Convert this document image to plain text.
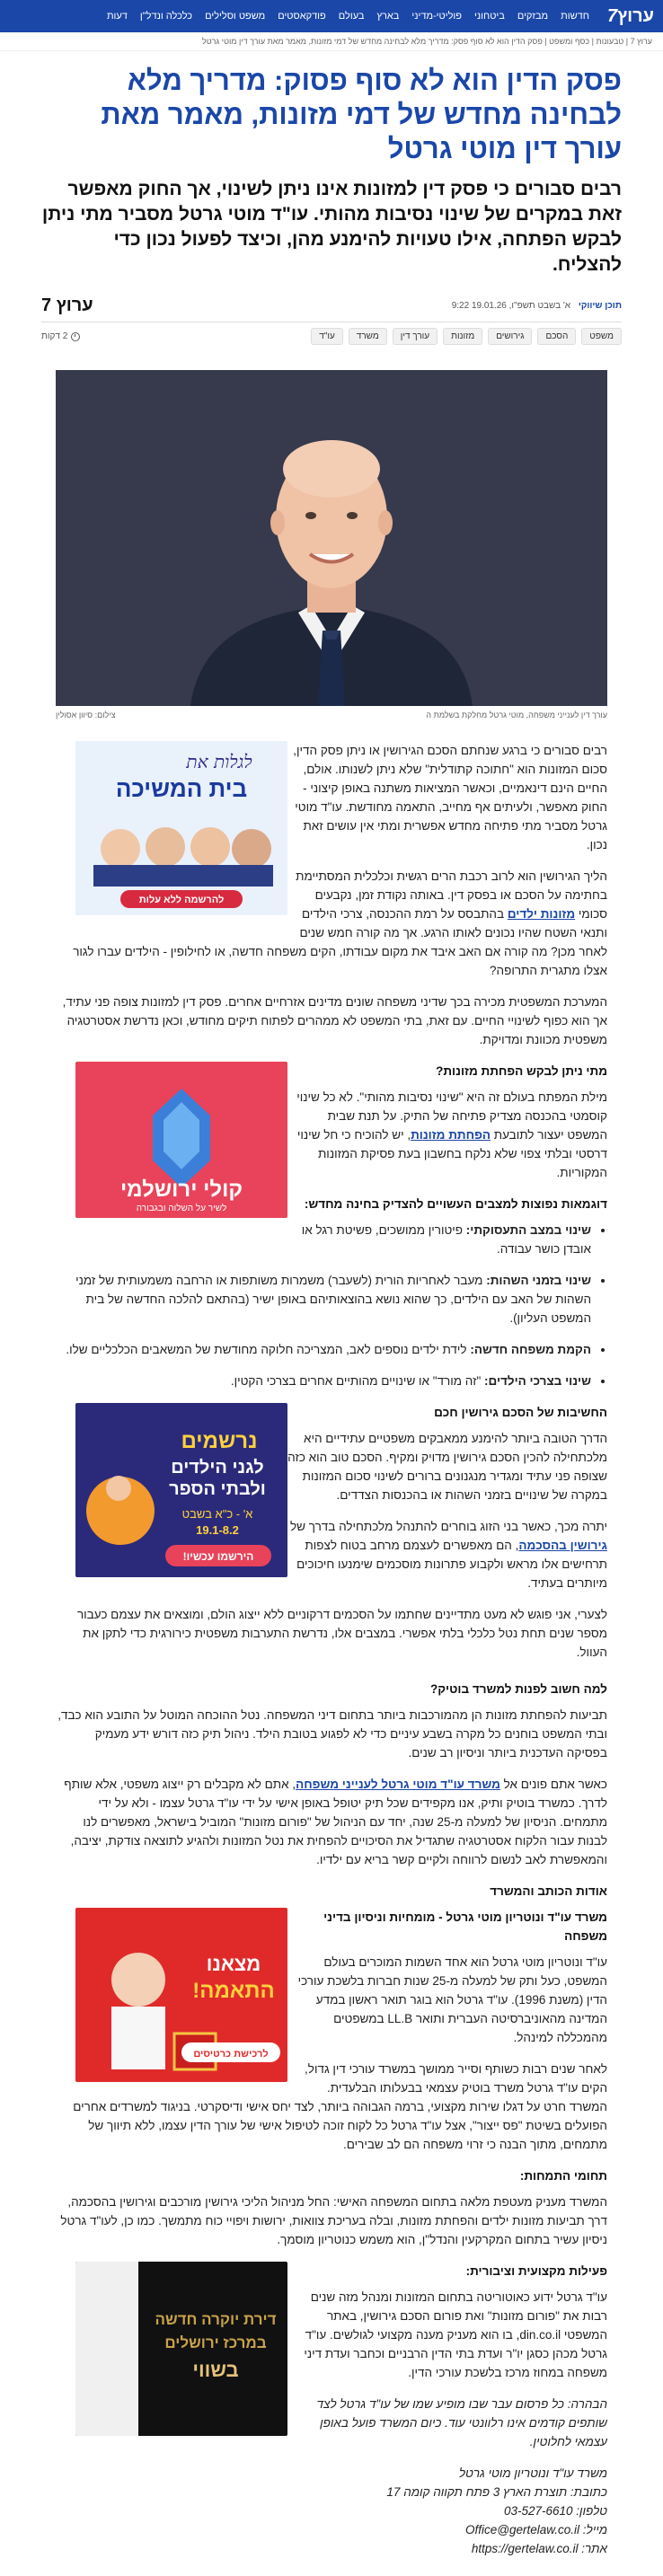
ערוץ7
חדשות
מבזקים
ביטחוני
פוליטי-מדיני
בארץ
בעולם
פודקאסטים
משפט וסלילים
כלכלה ונדל"ן
דעות
ערוץ 7 | טבעונות | כסף ומשפט | פסק הדין הוא לא סוף פסק: מדריך מלא לבחינה מחדש של דמי מזונות, מאמר מאת עורך דין מוטי גרטל
פסק הדין הוא לא סוף פסוק: מדריך מלא לבחינה מחדש של דמי מזונות, מאמר מאת עורך דין מוטי גרטל

רבים סבורים כי פסק דין למזונות אינו ניתן לשינוי, אך החוק מאפשר זאת במקרים של שינוי נסיבות מהותי. עו"ד מוטי גרטל מסביר מתי ניתן לבקש הפתחה, אילו טעויות להימנע מהן, וכיצד לפעול נכון כדי להצליח.

תוכן שיווקי א' בשבט תשפ"ו, 19.01.26 9:22
ערוץ 7
משפט
הסכם
גירושים
מזונות
עורך דין
משרד
עו"ד
2 דקות
עורך דין לענייני משפחה, מוטי גרטל מחלקת בשלמת ה
צילום: סיוון אסולין
לגלות את
בית המשיכה
להרשמה ללא עלות

רבים סבורים כי ברגע שנחתם הסכם הגירושין או ניתן פסק הדין, סכום המזונות הוא "חתוכה קתודלית" שלא ניתן לשנותו. אולם, החיים הינם דינאמיים, וכאשר המציאות משתנה באופן קיצוני - החוק מאפשר, ולעיתים אף מחייב, התאמה מחודשת. עו"ד מוטי גרטל מסביר מתי פתיחה מחדש אפשרית ומתי אין עושים זאת נכון.

הליך הגירושין הוא לרוב רכבת הרים רגשית וכלכלית המסתיימת בחתימה על הסכם או בפסק דין. באותה נקודת זמן, נקבעים סכומי מזונות ילדים בהתבסס על רמת ההכנסה, צרכי הילדים ותנאי השטח שהיו נכונים לאותו הרגע. אך מה קורה חמש שנים לאחר מכן? מה קורה אם האב איבד את מקום עבודתו, הקים משפחה חדשה, או לחילופין - הילדים עברו לגור אצלו מתגרית התרופה?

המערכת המשפטית מכירה בכך שדיני משפחה שונים מדינים אזרחיים אחרים. פסק דין למזונות צופה פני עתיד, אך הוא כפוף לשינויי החיים. עם זאת, בתי המשפט לא ממהרים לפתוח תיקים מחודש, וכאן נדרשת אסטרטגיה משפטית מכוונת ומדויקת.

קולי ירושלמי
לשיר על השלוה ובגבורה
מתי ניתן לבקש הפחתת מזונות?

מילת המפתח בעולם זה היא "שינוי נסיבות מהותי". לא כל שינוי קוסמטי בהכנסה מצדיק פתיחה של התיק. על תנת שבית המשפט יעצור לתובעת הפחתת מזונות, יש להוכיח כי חל שינוי דרסטי ובלתי צפוי שלא נלקח בחשבון בעת פסיקת המזונות המקוריות.

דוגמאות נפוצות למצבים העשויים להצדיק בחינה מחדש:
• שינוי במצב התעסוקתי: פיטורין ממושכים, פשיטת רגל או אובדן כושר עבודה.
• שינוי בזמני השהות: מעבר לאחריות הורית (לשעבר) משמרות משותפות או הרחבה משמעותית של זמני השהות של האב עם הילדים, כך שהוא נושא בהוצאותיהם באופן ישיר (בהתאם להלכה החדשה של בית המשפט העליון).
• הקמת משפחה חדשה: לידת ילדים נוספים לאב, המצריכה חלוקה מחודשת של המשאבים הכלכליים שלו.
• שינוי בצרכי הילדים: "זה מורד" או שינויים מהותיים אחרים בצרכי הקטין.
נרשמים
לגני הילדים
ולבתי הספר
א' - כ"א בשבט
19.1-8.2
הירשמו עכשיו!
החשיבות של הסכם גירושין חכם

הדרך הטובה ביותר להימנע ממאבקים משפטיים עתידיים היא מלכתחילה להכין הסכם גירושין מדויק ומקיף. הסכם טוב הוא כזה שצופה פני עתיד ומגדיר מנגנונים ברורים לשינוי סכום המזונות במקרה של שינויים בזמני השהות או בהכנסות הצדדים.

יתרה מכך, כאשר בני הזוג בוחרים להתנהל מלכתחילה בדרך של גירושין בהסכמה, הם מאפשרים לעצמם מרחב בטוח לצפות תרחישים אלו מראש ולקבוע פתרונות מוסכמים שימנעו חיכוכים מיותרים בעתיד.

לצערי, אני פוגש לא מעט מתדיינים שחתמו על הסכמים דרקוניים ללא ייצוג הולם, ומוצאים את עצמם כעבור מספר שנים תחת נטל כלכלי בלתי אפשרי. במצבים אלו, נדרשת התערבות משפטית כירורגית כדי לתקן את העוול.

למה חשוב לפנות למשרד בוטיק?

תביעות להפחתת מזונות הן מהמורכבות ביותר בתחום דיני המשפחה. נטל ההוכחה המוטל על התובע הוא כבד, ובתי המשפט בוחנים כל מקרה בשבע עיניים כדי לא לפגוע בטובת הילד. ניהול תיק כזה דורש ידע מעמיק בפסיקה העדכנית ביותר וניסיון רב שנים.

כאשר אתם פונים אל משרד עו"ד מוטי גרטל לענייני משפחה, אתם לא מקבלים רק ייצוג משפטי, אלא שותף לדרך. כמשרד בוטיק ותיק, אנו מקפידים שכל תיק יטופל באופן אישי על ידי עו"ד גרטל עצמו - ולא על ידי מתמחים. הניסיון של למעלה מ-25 שנה, יחד עם הניהול של "פורום מזונות" המוביל בישראל, מאפשרים לנו לבנות עבור הלקוח אסטרטגיה שתגדיל את הסיכויים להפחית את נטל המזונות ולהגיע לתוצאה צודקת, יציבה, והמאפשרת לאב לנשום לרווחה ולקיים קשר בריא עם ילדיו.

אודות הכותב והמשרד
מצאנו
התאמה!
לרכישת כרטיסים
משרד עו"ד ונוטריון מוטי גרטל - מומחיות וניסיון בדיני משפחה

עו"ד ונוטריון מוטי גרטל הוא אחד השמות המוכרים בעולם המשפט, כעל ותק של למעלה מ-25 שנות חברות בלשכת עורכי הדין (משנת 1996). עו"ד גרטל הוא בוגר תואר ראשון במדע המדינה מהאוניברסיטה העברית ותואר LL.B במשפטים מהמכללה למינהל.

לאחר שנים רבות כשותף וסייר ממושך במשרד עורכי דין גדול, הקים עו"ד גרטל משרד בוטיק עצמאי בבעלותו הבלעדית. המשרד חרט על דגלו שירות מקצועי, ברמה הגבוהה ביותר, לצד יחס אישי ודיסקרטי. בניגוד למשרדים אחרים הפועלים בשיטת "פס ייצור", אצל עו"ד גרטל כל לקוח זוכה לטיפול אישי של עורך הדין עצמו, ללא תיווך של מתמחים, מתוך הבנה כי זרוי משפחה הם לב שבירים.

תחומי התמחות:

המשרד מעניק מעטפת מלאה בתחום המשפחה האישי: החל מניהול הליכי גירושין מורכבים וגירושין בהסכמה, דרך תביעות מזונות ילדים והפחתת מזונות, ובלה בעריכת צוואות, ירושות ויפויי כוח מתמשך. כמו כן, לעו"ד גרטל ניסיון עשיר בתחום המקרקעין והנדל"ן, הוא משמש כנוטריון מוסמך.

דירת יוקרה חדשה
במרכז ירושלים
בשווי
פעילות מקצועית וציבורית:

עו"ד גרטל ידוע כאוטוריטה בתחום המזונות ומנהל מזה שנים רבות את "פורום מזונות" ואת פורום הסכם גירושין, באתר המשפטי din.co.il, בו הוא מעניק מענה מקצועי לגולשים. עו"ד גרטל מכהן כסגן יו"ר ועדת בתי הדין הרבניים וכחבר ועדת דיני משפחה במחוז מרכז בלשכת עורכי הדין.

הבהרה: כל פרסום עבר שבו מופיע שמו של עו"ד גרטל לצד שותפים קודמים אינו רלוונטי עוד. כיום המשרד פועל באופן עצמאי לחלוטין.

משרד עו"ד ונוטריון מוטי גרטל

כתובת: תוצרת הארץ 3 פתח תקווה קומה 17

טלפון: 03-527-6610

מייל: Office@gertelaw.co.il

אתר: https://gertelaw.co.il
